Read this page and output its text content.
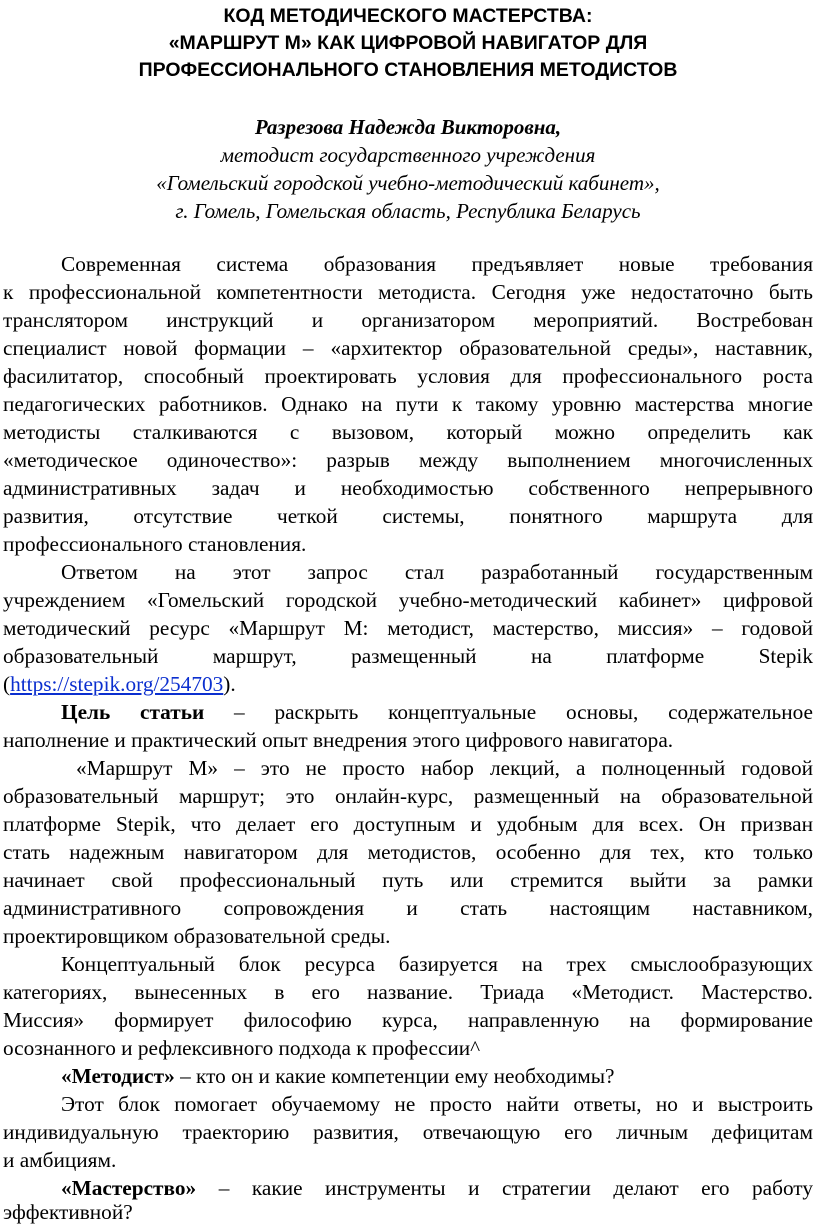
КОД МЕТОДИЧЕСКОГО МАСТЕРСТВА:
«МАРШРУТ М» КАК ЦИФРОВОЙ НАВИГАТОР ДЛЯ
ПРОФЕССИОНАЛЬНОГО СТАНОВЛЕНИЯ МЕТОДИСТОВ
Разрезова Надежда Викторовна,
методист государственного учреждения
«Гомельский городской учебно-методический кабинет»,
г. Гомель, Гомельская область, Республика Беларусь
Современная система образования предъявляет новые требования
к профессиональной компетентности методиста. Сегодня уже недостаточно быть
транслятором инструкций и организатором мероприятий. Востребован
специалист новой формации – «архитектор образовательной среды», наставник,
фасилитатор, способный проектировать условия для профессионального роста
педагогических работников. Однако на пути к такому уровню мастерства многие
методисты сталкиваются с вызовом, который можно определить как
«методическое одиночество»: разрыв между выполнением многочисленных
административных задач и необходимостью собственного непрерывного
развития, отсутствие четкой системы, понятного маршрута для
профессионального становления.
Ответом на этот запрос стал разработанный государственным
учреждением «Гомельский городской учебно-методический кабинет» цифровой
методический ресурс «Маршрут М: методист, мастерство, миссия» – годовой
образовательный маршрут, размещенный на платформе Stepik
(https://stepik.org/254703).
Цель статьи – раскрыть концептуальные основы, содержательное
наполнение и практический опыт внедрения этого цифрового навигатора.
«Маршрут М» – это не просто набор лекций, а полноценный годовой
образовательный маршрут; это онлайн-курс, размещенный на образовательной
платформе Stepik, что делает его доступным и удобным для всех. Он призван
стать надежным навигатором для методистов, особенно для тех, кто только
начинает свой профессиональный путь или стремится выйти за рамки
административного сопровождения и стать настоящим наставником,
проектировщиком образовательной среды.
Концептуальный блок ресурса базируется на трех смыслообразующих
категориях, вынесенных в его название. Триада «Методист. Мастерство.
Миссия» формирует философию курса, направленную на формирование
осознанного и рефлексивного подхода к профессии^
«Методист» – кто он и какие компетенции ему необходимы?
Этот блок помогает обучаемому не просто найти ответы, но и выстроить
индивидуальную траекторию развития, отвечающую его личным дефицитам
и амбициям.
«Мастерство» – какие инструменты и стратегии делают его работу
эффективной?
